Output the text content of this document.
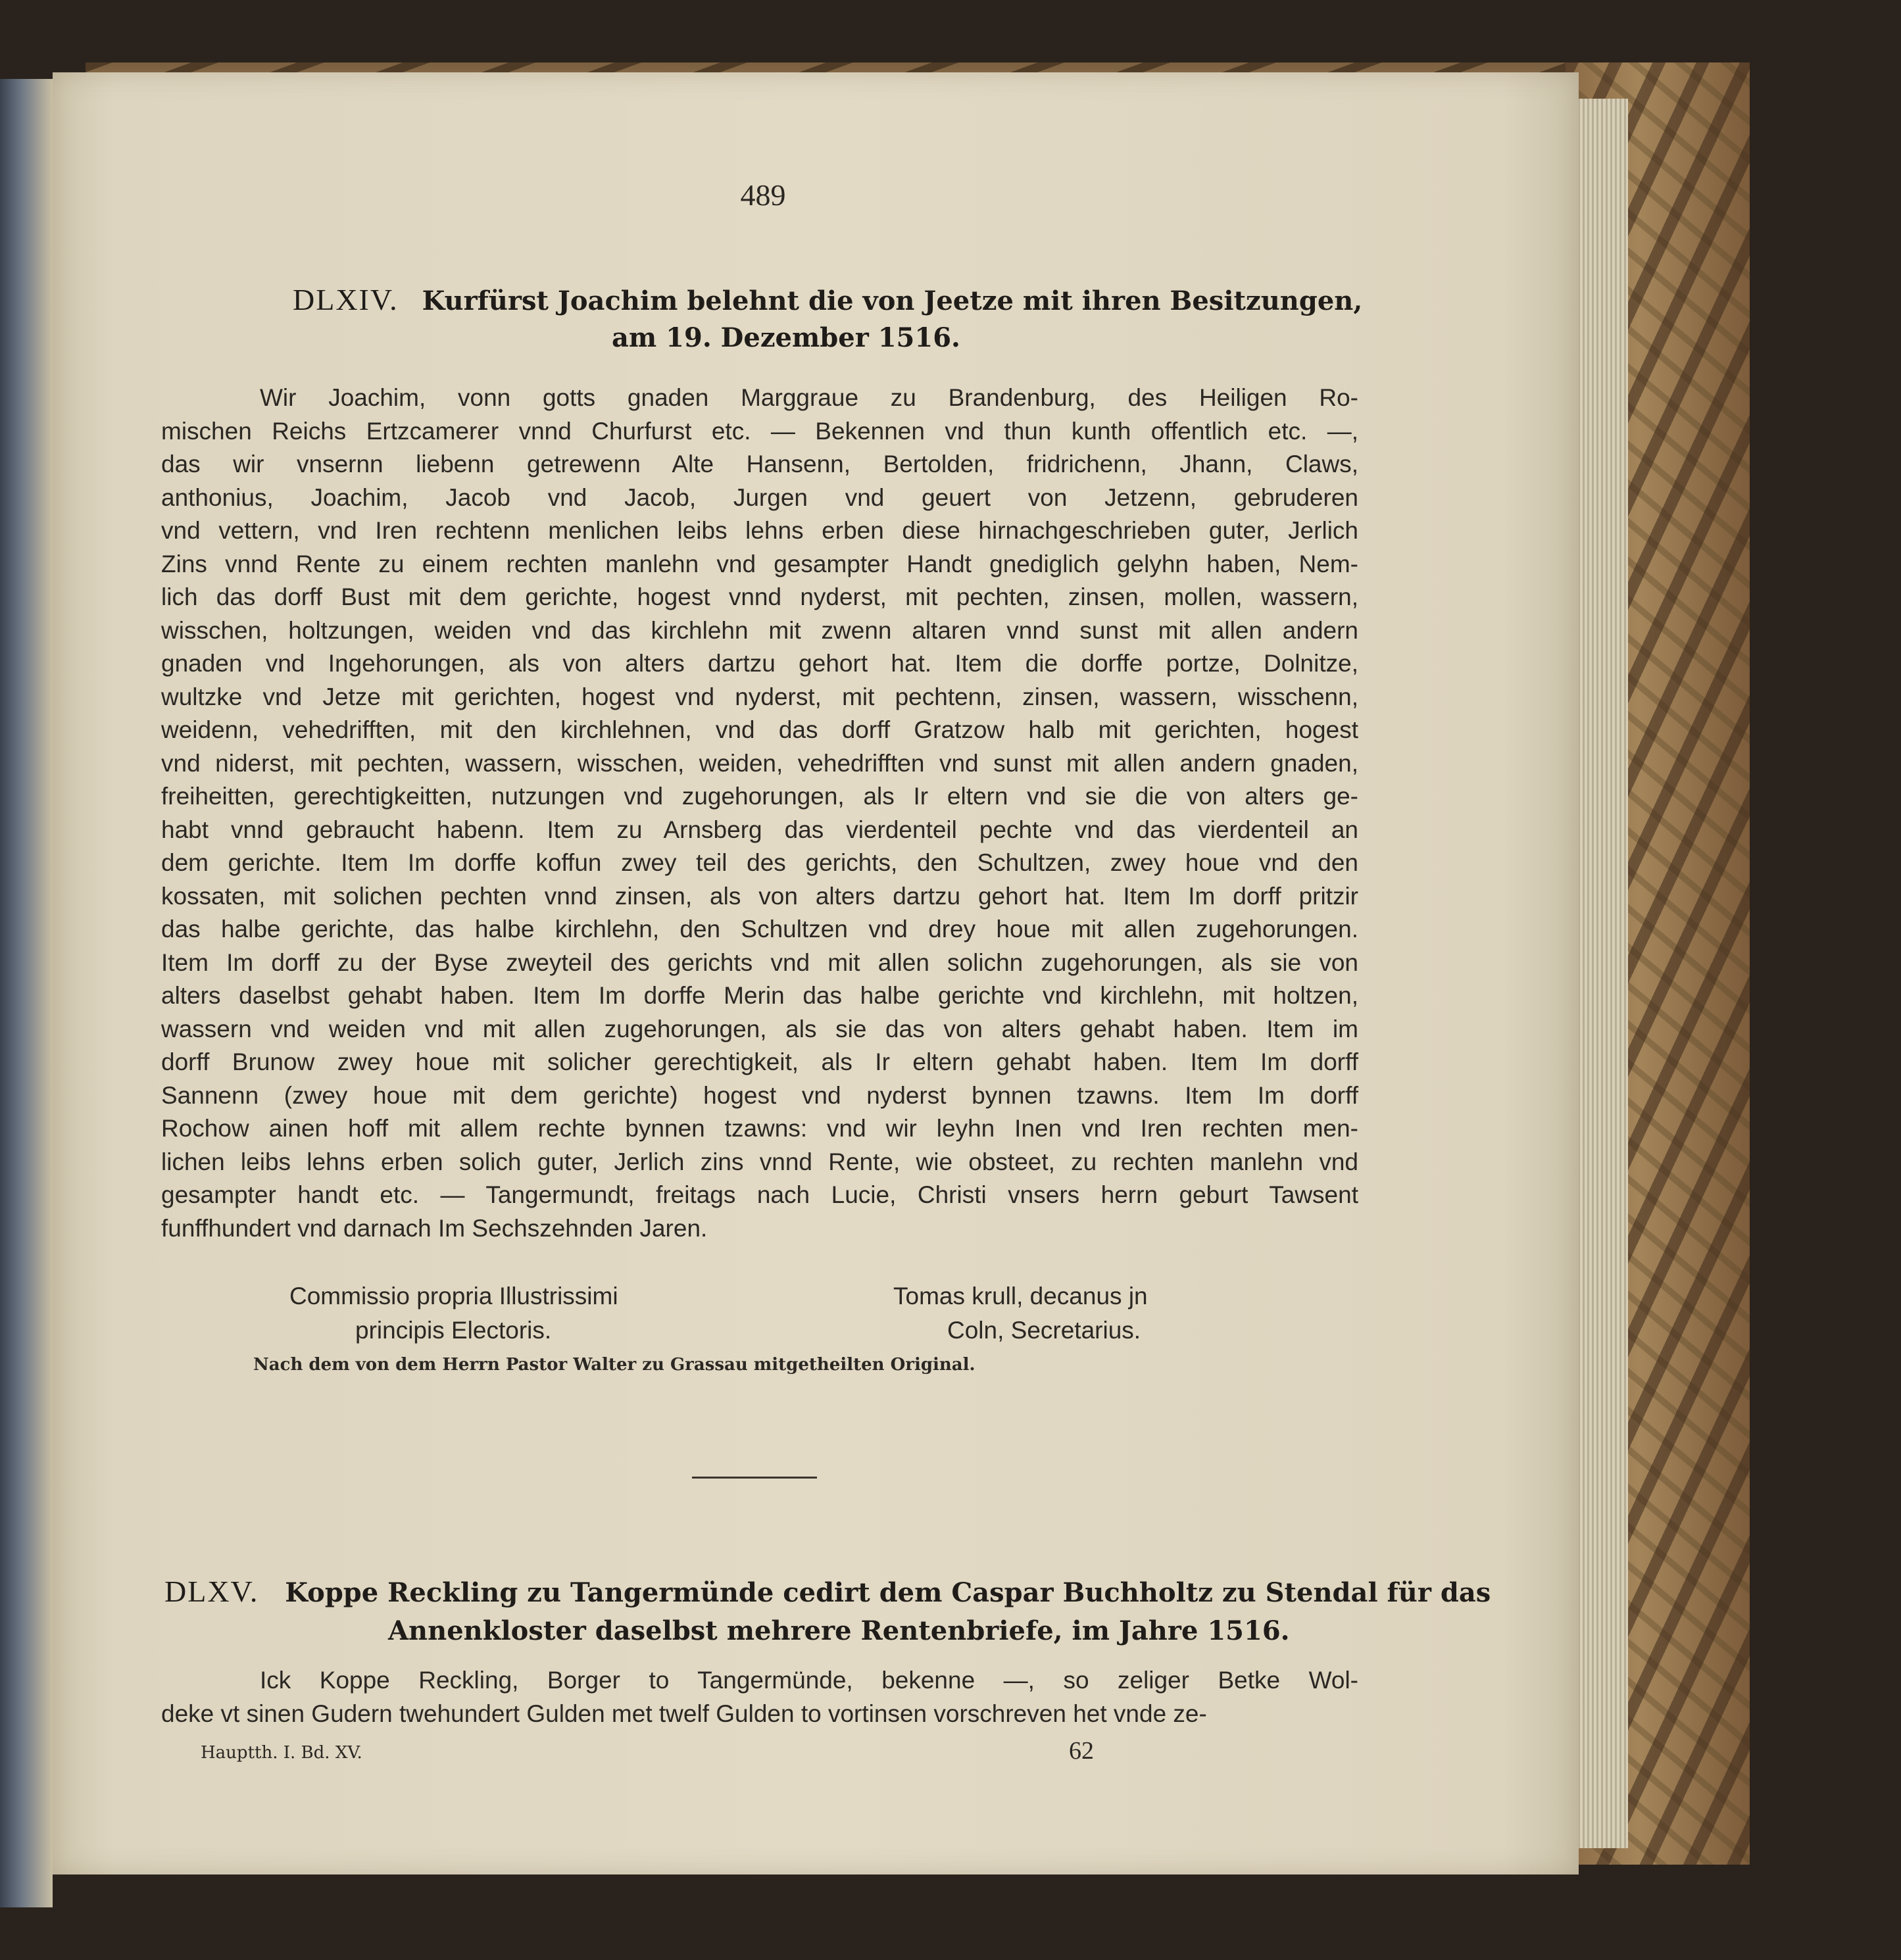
489
DLXIV. Kurfürst Joachim belehnt die von Jeetze mit ihren Besitzungen,
am 19. Dezember 1516.
Wir Joachim, vonn gotts gnaden Marggraue zu Brandenburg, des Heiligen Ro-
mischen Reichs Ertzcamerer vnnd Churfurst etc. — Bekennen vnd thun kunth offentlich etc. —,
das wir vnsernn liebenn getrewenn Alte Hansenn, Bertolden, fridrichenn, Jhann, Claws,
anthonius, Joachim, Jacob vnd Jacob, Jurgen vnd geuert von Jetzenn, gebruderen
vnd vettern, vnd Iren rechtenn menlichen leibs lehns erben diese hirnachgeschrieben guter, Jerlich
Zins vnnd Rente zu einem rechten manlehn vnd gesampter Handt gnediglich gelyhn haben, Nem-
lich das dorff Bust mit dem gerichte, hogest vnnd nyderst, mit pechten, zinsen, mollen, wassern,
wisschen, holtzungen, weiden vnd das kirchlehn mit zwenn altaren vnnd sunst mit allen andern
gnaden vnd Ingehorungen, als von alters dartzu gehort hat. Item die dorffe portze, Dolnitze,
wultzke vnd Jetze mit gerichten, hogest vnd nyderst, mit pechtenn, zinsen, wassern, wisschenn,
weidenn, vehedrifften, mit den kirchlehnen, vnd das dorff Gratzow halb mit gerichten, hogest
vnd niderst, mit pechten, wassern, wisschen, weiden, vehedrifften vnd sunst mit allen andern gnaden,
freiheitten, gerechtigkeitten, nutzungen vnd zugehorungen, als Ir eltern vnd sie die von alters ge-
habt vnnd gebraucht habenn. Item zu Arnsberg das vierdenteil pechte vnd das vierdenteil an
dem gerichte. Item Im dorffe koffun zwey teil des gerichts, den Schultzen, zwey houe vnd den
kossaten, mit solichen pechten vnnd zinsen, als von alters dartzu gehort hat. Item Im dorff pritzir
das halbe gerichte, das halbe kirchlehn, den Schultzen vnd drey houe mit allen zugehorungen.
Item Im dorff zu der Byse zweyteil des gerichts vnd mit allen solichn zugehorungen, als sie von
alters daselbst gehabt haben. Item Im dorffe Merin das halbe gerichte vnd kirchlehn, mit holtzen,
wassern vnd weiden vnd mit allen zugehorungen, als sie das von alters gehabt haben. Item im
dorff Brunow zwey houe mit solicher gerechtigkeit, als Ir eltern gehabt haben. Item Im dorff
Sannenn (zwey houe mit dem gerichte) hogest vnd nyderst bynnen tzawns. Item Im dorff
Rochow ainen hoff mit allem rechte bynnen tzawns: vnd wir leyhn Inen vnd Iren rechten men-
lichen leibs lehns erben solich guter, Jerlich zins vnnd Rente, wie obsteet, zu rechten manlehn vnd
gesampter handt etc. — Tangermundt, freitags nach Lucie, Christi vnsers herrn geburt Tawsent
funffhundert vnd darnach Im Sechszehnden Jaren.
Commissio propria Illustrissimi
principis Electoris.
Tomas krull, decanus jn
Coln, Secretarius.
Nach dem von dem Herrn Pastor Walter zu Grassau mitgetheilten Original.
DLXV. Koppe Reckling zu Tangermünde cedirt dem Caspar Buchholtz zu Stendal für das
Annenkloster daselbst mehrere Rentenbriefe, im Jahre 1516.
Ick Koppe Reckling, Borger to Tangermünde, bekenne —, so zeliger Betke Wol-
deke vt sinen Gudern twehundert Gulden met twelf Gulden to vortinsen vorschreven het vnde ze-
Hauptth. I. Bd. XV.	62
